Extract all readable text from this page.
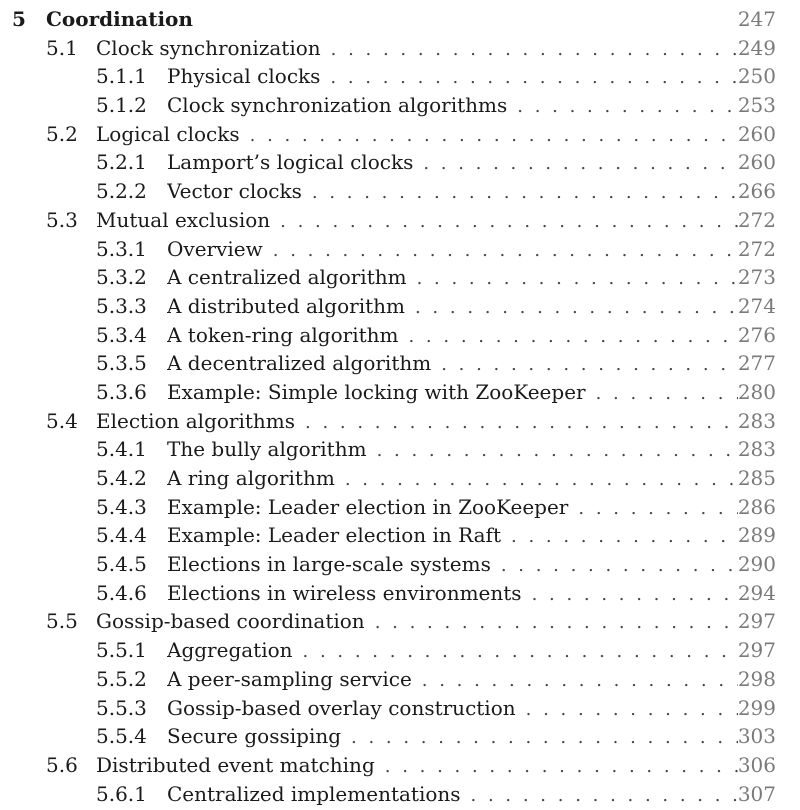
5 Coordination	247
5.1 Clock synchronization . . .	249
5.1.1 Physical clocks . . .	250
5.1.2 Clock synchronization algorithms . . .	253
5.2 Logical clocks . . .	260
5.2.1 Lamport’s logical clocks . . .	260
5.2.2 Vector clocks . . .	266
5.3 Mutual exclusion . . .	272
5.3.1 Overview . . .	272
5.3.2 A centralized algorithm . . .	273
5.3.3 A distributed algorithm . . .	274
5.3.4 A token-ring algorithm . . .	276
5.3.5 A decentralized algorithm . . .	277
5.3.6 Example: Simple locking with ZooKeeper . . .	280
5.4 Election algorithms . . .	283
5.4.1 The bully algorithm . . .	283
5.4.2 A ring algorithm . . .	285
5.4.3 Example: Leader election in ZooKeeper . . .	286
5.4.4 Example: Leader election in Raft . . .	289
5.4.5 Elections in large-scale systems . . .	290
5.4.6 Elections in wireless environments . . .	294
5.5 Gossip-based coordination . . .	297
5.5.1 Aggregation . . .	297
5.5.2 A peer-sampling service . . .	298
5.5.3 Gossip-based overlay construction . . .	299
5.5.4 Secure gossiping . . .	303
5.6 Distributed event matching . . .	306
5.6.1 Centralized implementations . . .	307
